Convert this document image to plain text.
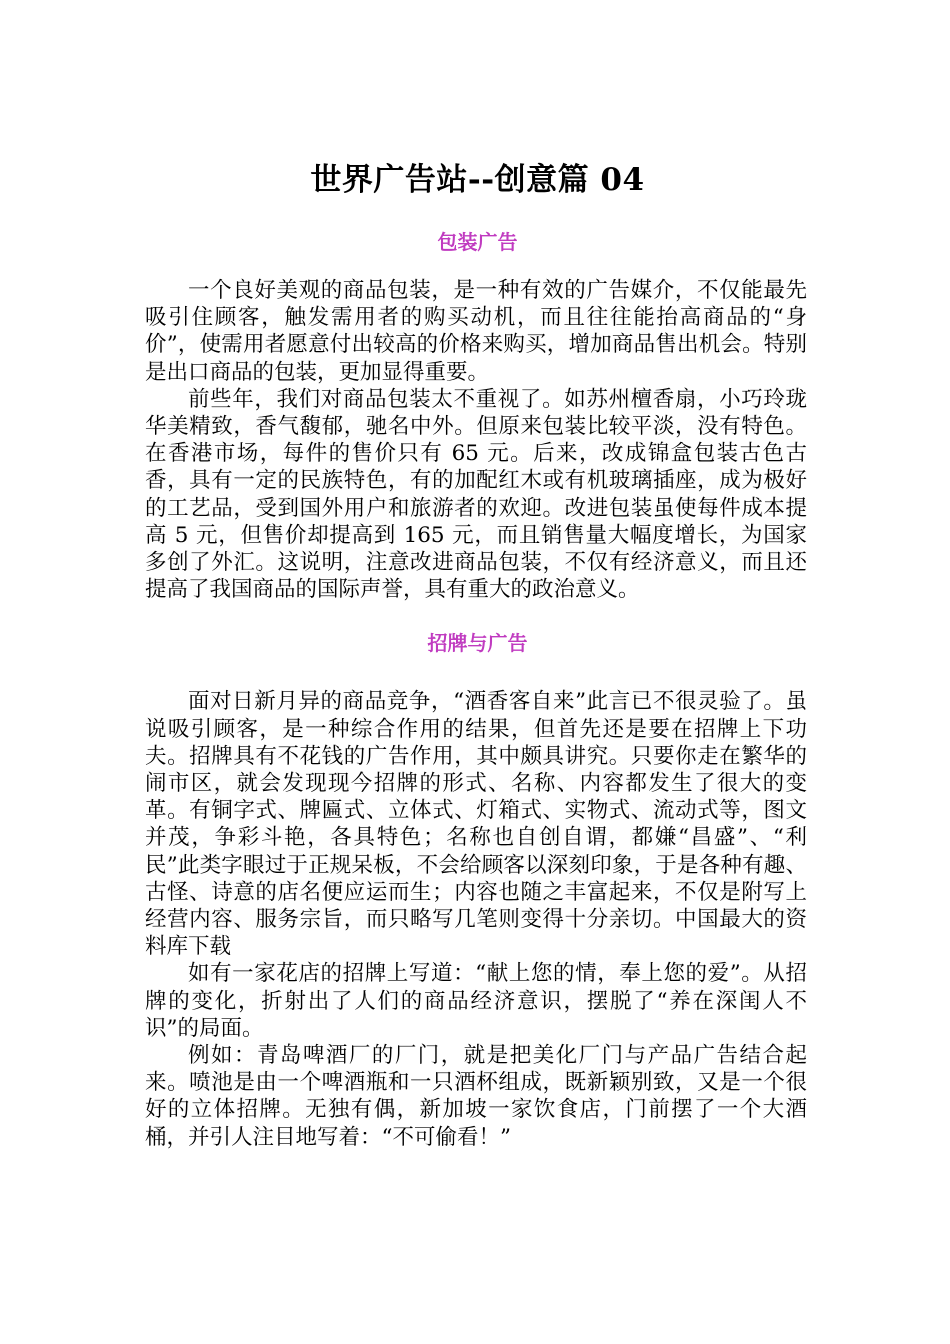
世界广告站--创意篇 04
包装广告

一个良好美观的商品包装，是一种有效的广告媒介，不仅能最先吸引住顾客，触发需用者的购买动机，而且往往能抬高商品的“身价”，使需用者愿意付出较高的价格来购买，增加商品售出机会。特别是出口商品的包装，更加显得重要。

前些年，我们对商品包装太不重视了。如苏州檀香扇，小巧玲珑华美精致，香气馥郁，驰名中外。但原来包装比较平淡，没有特色。在香港市场，每件的售价只有 65 元。后来，改成锦盒包装古色古香，具有一定的民族特色，有的加配红木或有机玻璃插座，成为极好的工艺品，受到国外用户和旅游者的欢迎。改进包装虽使每件成本提高 5 元，但售价却提高到 165 元，而且销售量大幅度增长，为国家多创了外汇。这说明，注意改进商品包装，不仅有经济意义，而且还提高了我国商品的国际声誉，具有重大的政治意义。

招牌与广告

面对日新月异的商品竞争，“酒香客自来”此言已不很灵验了。虽说吸引顾客，是一种综合作用的结果，但首先还是要在招牌上下功夫。招牌具有不花钱的广告作用，其中颇具讲究。只要你走在繁华的闹市区，就会发现现今招牌的形式、名称、内容都发生了很大的变革。有铜字式、牌匾式、立体式、灯箱式、实物式、流动式等，图文并茂，争彩斗艳，各具特色；名称也自创自谓，都嫌“昌盛”、“利民”此类字眼过于正规呆板，不会给顾客以深刻印象，于是各种有趣、古怪、诗意的店名便应运而生；内容也随之丰富起来，不仅是附写上经营内容、服务宗旨，而只略写几笔则变得十分亲切。中国最大的资料库下载

如有一家花店的招牌上写道：“献上您的情，奉上您的爱”。从招牌的变化，折射出了人们的商品经济意识，摆脱了“养在深闺人不识”的局面。

例如：青岛啤酒厂的厂门，就是把美化厂门与产品广告结合起来。喷池是由一个啤酒瓶和一只酒杯组成，既新颖别致，又是一个很好的立体招牌。无独有偶，新加坡一家饮食店，门前摆了一个大酒桶，并引人注目地写着：“不可偷看！”
